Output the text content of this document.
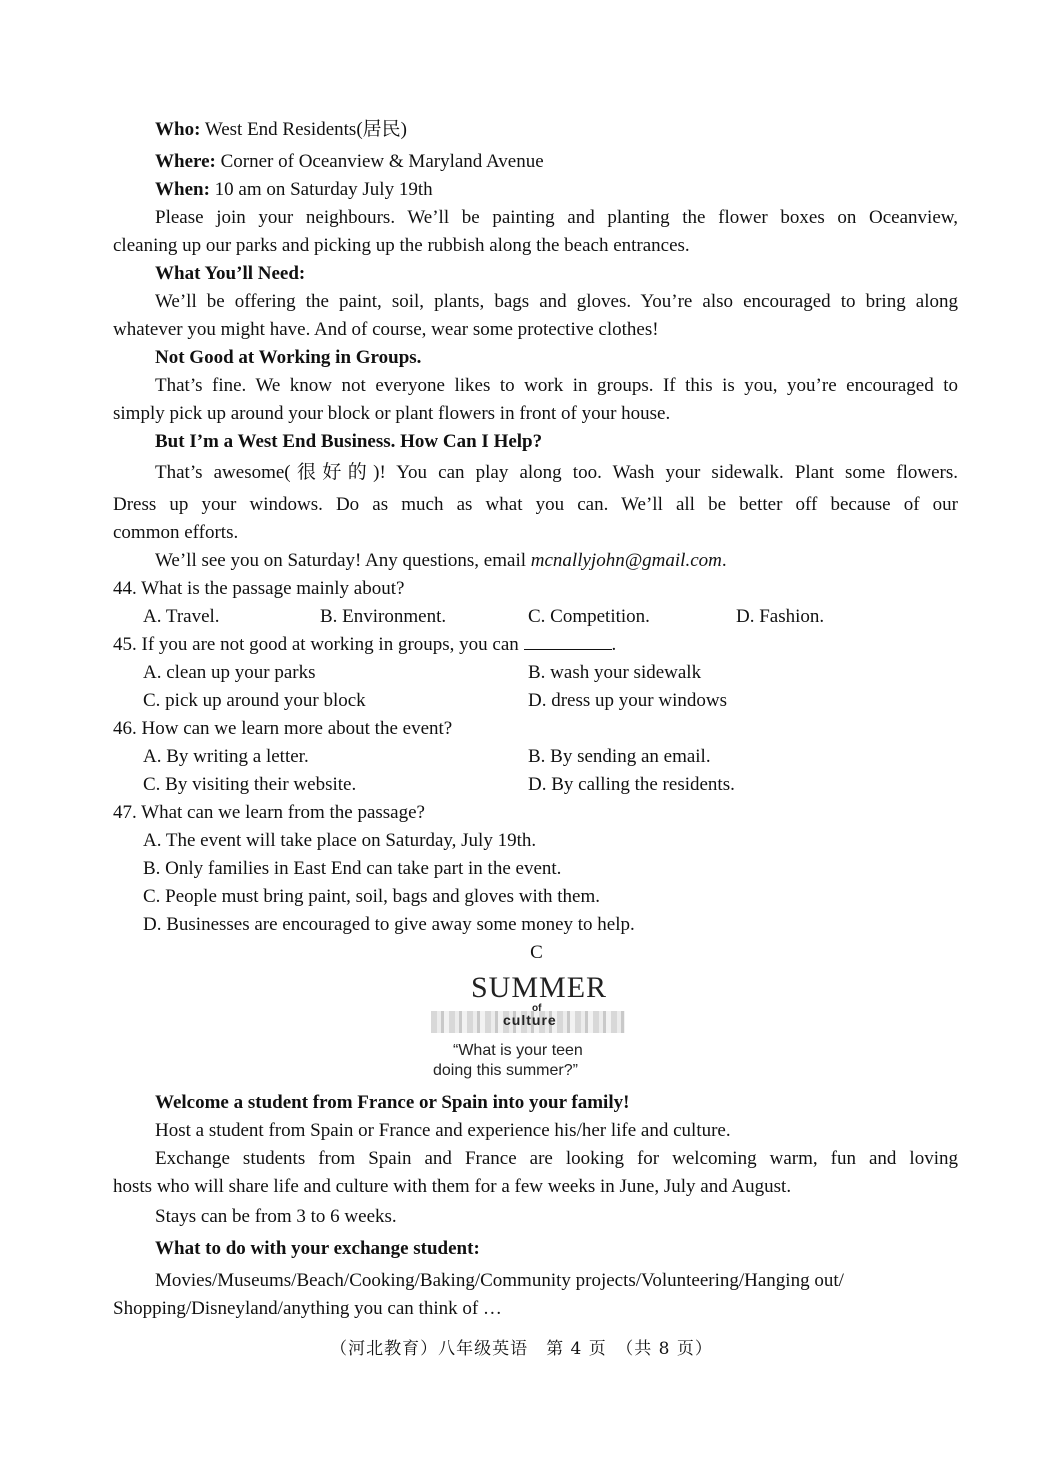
Who: West End Residents(居民)
Where: Corner of Oceanview & Maryland Avenue
When: 10 am on Saturday July 19th
Please join your neighbours. We’ll be painting and planting the flower boxes on Oceanview,
cleaning up our parks and picking up the rubbish along the beach entrances.
What You’ll Need:
We’ll be offering the paint, soil, plants, bags and gloves. You’re also encouraged to bring along
whatever you might have. And of course, wear some protective clothes!
Not Good at Working in Groups.
That’s fine. We know not everyone likes to work in groups. If this is you, you’re encouraged to
simply pick up around your block or plant flowers in front of your house.
But I’m a West End Business. How Can I Help?
That’s awesome(很好的)! You can play along too. Wash your sidewalk. Plant some flowers.
Dress up your windows. Do as much as what you can. We’ll all be better off because of our
common efforts.
We’ll see you on Saturday! Any questions, email mcnallyjohn@gmail.com.
44. What is the passage mainly about?
A. Travel.	B. Environment.	C. Competition.	D. Fashion.
45. If you are not good at working in groups, you can	.
A. clean up your parks	B. wash your sidewalk
C. pick up around your block	D. dress up your windows
46. How can we learn more about the event?
A. By writing a letter.	B. By sending an email.
C. By visiting their website.	D. By calling the residents.
47. What can we learn from the passage?
A. The event will take place on Saturday, July 19th.
B. Only families in East End can take part in the event.
C. People must bring paint, soil, bags and gloves with them.
D. Businesses are encouraged to give away some money to help.
C
SUMMER
of
culture
“What is your teen
doing this summer?”
Welcome a student from France or Spain into your family!
Host a student from Spain or France and experience his/her life and culture.
Exchange students from Spain and France are looking for welcoming warm, fun and loving
hosts who will share life and culture with them for a few weeks in June, July and August.
Stays can be from 3 to 6 weeks.
What to do with your exchange student:
Movies/Museums/Beach/Cooking/Baking/Community projects/Volunteering/Hanging out/
Shopping/Disneyland/anything you can think of …
（河北教育）八年级英语　第 4 页　（共 8 页）
